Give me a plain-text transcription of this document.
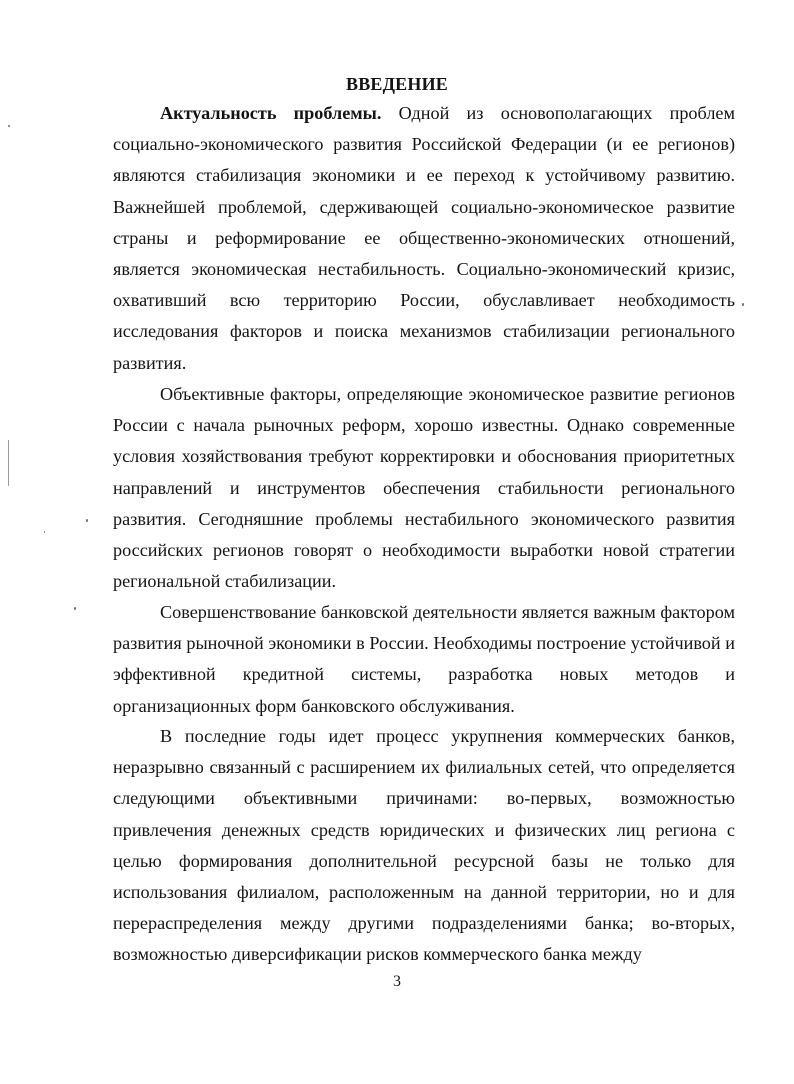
ВВЕДЕНИЕ

Актуальность проблемы. Одной из основополагающих проблем социально-экономического развития Российской Федерации (и ее регионов) являются стабилизация экономики и ее переход к устойчивому развитию. Важнейшей проблемой, сдерживающей социально-экономическое развитие страны и реформирование ее общественно-экономических отношений, является экономическая нестабильность. Социально-экономический кризис, охвативший всю территорию России, обуславливает необходимость исследования факторов и поиска механизмов стабилизации регионального развития.

Объективные факторы, определяющие экономическое развитие регионов России с начала рыночных реформ, хорошо известны. Однако современные условия хозяйствования требуют корректировки и обоснования приоритетных направлений и инструментов обеспечения стабильности регионального развития. Сегодняшние проблемы нестабильного экономического развития российских регионов говорят о необходимости выработки новой стратегии региональной стабилизации.

Совершенствование банковской деятельности является важным фактором развития рыночной экономики в России. Необходимы построение устойчивой и эффективной кредитной системы, разработка новых методов и организационных форм банковского обслуживания.

В последние годы идет процесс укрупнения коммерческих банков, неразрывно связанный с расширением их филиальных сетей, что определяется следующими объективными причинами: во-первых, возможностью привлечения денежных средств юридических и физических лиц региона с целью формирования дополнительной ресурсной базы не только для использования филиалом, расположенным на данной территории, но и для перераспределения между другими подразделениями банка; во-вторых, возможностью диверсификации рисков коммерческого банка между

3
